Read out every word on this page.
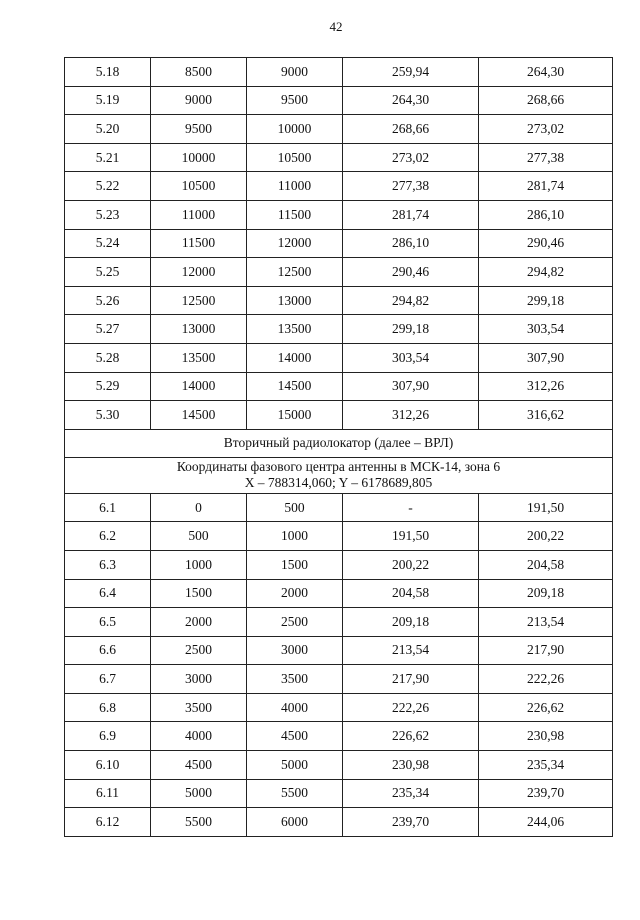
42
5.18	8500	9000	259,94	264,30
5.19	9000	9500	264,30	268,66
5.20	9500	10000	268,66	273,02
5.21	10000	10500	273,02	277,38
5.22	10500	11000	277,38	281,74
5.23	11000	11500	281,74	286,10
5.24	11500	12000	286,10	290,46
5.25	12000	12500	290,46	294,82
5.26	12500	13000	294,82	299,18
5.27	13000	13500	299,18	303,54
5.28	13500	14000	303,54	307,90
5.29	14000	14500	307,90	312,26
5.30	14500	15000	312,26	316,62
Вторичный радиолокатор (далее – ВРЛ)				

Координаты фазового центра антенны в МСК-14, зона 6
X – 788314,060; Y – 6178689,805				

6.1	0	500	-	191,50
6.2	500	1000	191,50	200,22
6.3	1000	1500	200,22	204,58
6.4	1500	2000	204,58	209,18
6.5	2000	2500	209,18	213,54
6.6	2500	3000	213,54	217,90
6.7	3000	3500	217,90	222,26
6.8	3500	4000	222,26	226,62
6.9	4000	4500	226,62	230,98
6.10	4500	5000	230,98	235,34
6.11	5000	5500	235,34	239,70
6.12	5500	6000	239,70	244,06
